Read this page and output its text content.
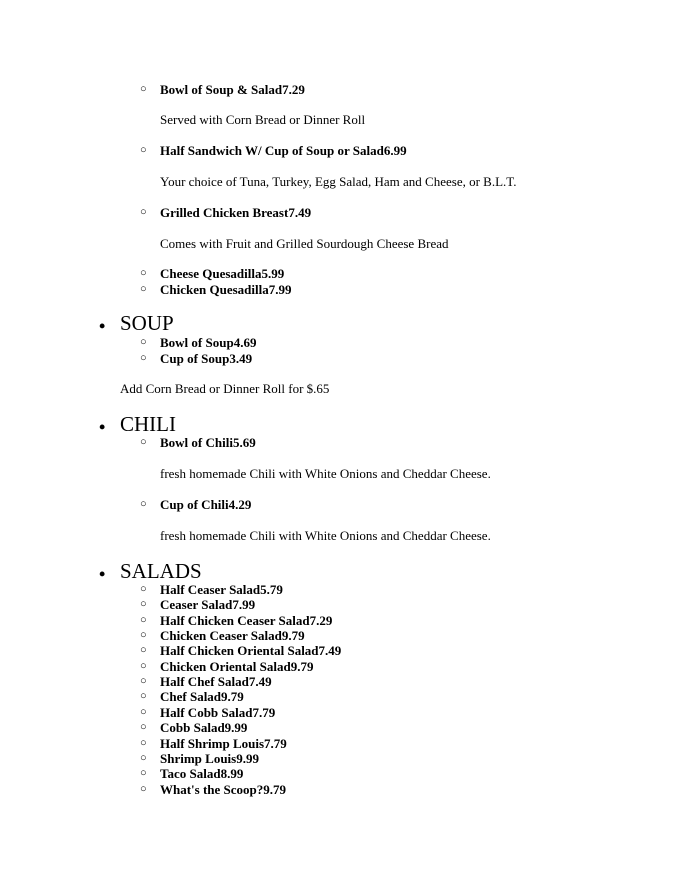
○ Bowl of Soup & Salad7.29
Served with Corn Bread or Dinner Roll
○ Half Sandwich W/ Cup of Soup or Salad6.99
Your choice of Tuna, Turkey, Egg Salad, Ham and Cheese, or B.L.T.
○ Grilled Chicken Breast7.49
Comes with Fruit and Grilled Sourdough Cheese Bread
○ Cheese Quesadilla5.99
○ Chicken Quesadilla7.99
• SOUP
○ Bowl of Soup4.69
○ Cup of Soup3.49
Add Corn Bread or Dinner Roll for $.65
• CHILI
○ Bowl of Chili5.69
fresh homemade Chili with White Onions and Cheddar Cheese.
○ Cup of Chili4.29
fresh homemade Chili with White Onions and Cheddar Cheese.
• SALADS
○ Half Ceaser Salad5.79
○ Ceaser Salad7.99
○ Half Chicken Ceaser Salad7.29
○ Chicken Ceaser Salad9.79
○ Half Chicken Oriental Salad7.49
○ Chicken Oriental Salad9.79
○ Half Chef Salad7.49
○ Chef Salad9.79
○ Half Cobb Salad7.79
○ Cobb Salad9.99
○ Half Shrimp Louis7.79
○ Shrimp Louis9.99
○ Taco Salad8.99
○ What's the Scoop?9.79
